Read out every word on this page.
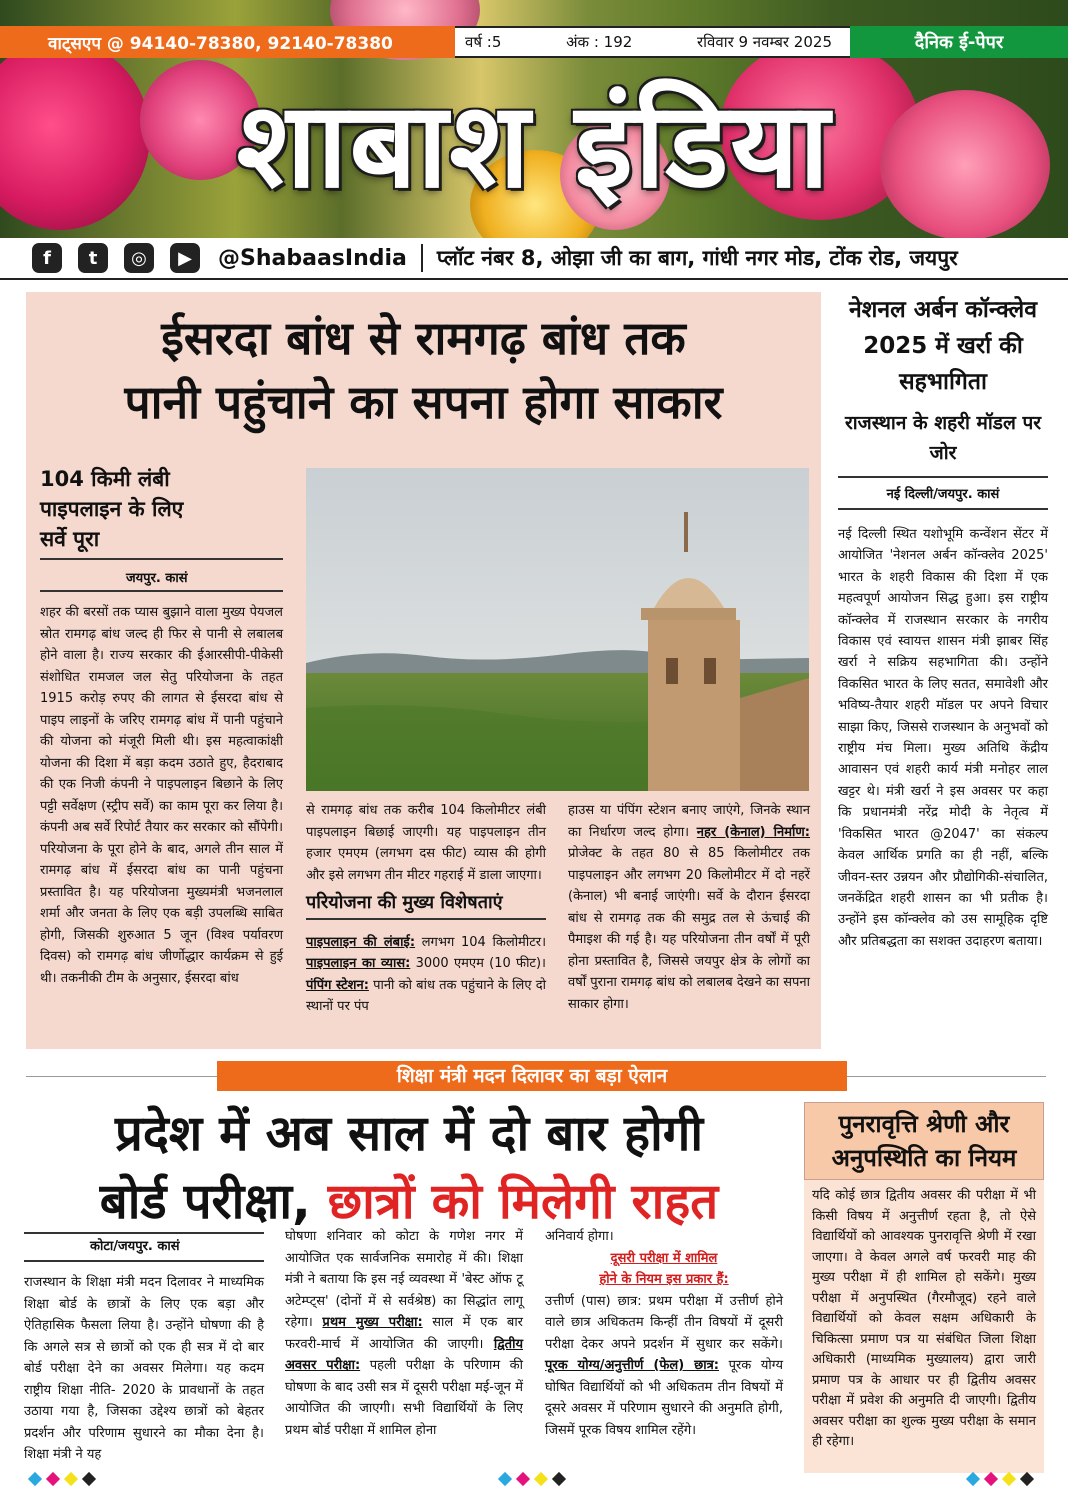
वाट्सएप @ 94140-78380, 92140-78380	वर्ष :5	अंक : 192	रविवार 9 नवम्बर 2025	दैनिक ई-पेपर
शाबाश इंडिया
f	t	◎	▶	@ShabaasIndia प्लॉट नंबर 8, ओझा जी का बाग, गांधी नगर मोड, टोंक रोड, जयपुर
ईसरदा बांध से रामगढ़ बांध तक
पानी पहुंचाने का सपना होगा साकार
104 किमी लंबी पाइपलाइन के लिए सर्वे पूरा
जयपुर. कासं
शहर की बरसों तक प्यास बुझाने वाला मुख्य पेयजल स्रोत रामगढ़ बांध जल्द ही फिर से पानी से लबालब होने वाला है। राज्य सरकार की ईआरसीपी-पीकेसी संशोधित रामजल जल सेतु परियोजना के तहत 1915 करोड़ रुपए की लागत से ईसरदा बांध से पाइप लाइनों के जरिए रामगढ़ बांध में पानी पहुंचाने की योजना को मंजूरी मिली थी। इस महत्वाकांक्षी योजना की दिशा में बड़ा कदम उठाते हुए, हैदराबाद की एक निजी कंपनी ने पाइपलाइन बिछाने के लिए पट्टी सर्वेक्षण (स्ट्रीप सर्वे) का काम पूरा कर लिया है। कंपनी अब सर्वे रिपोर्ट तैयार कर सरकार को सौंपेगी। परियोजना के पूरा होने के बाद, अगले तीन साल में रामगढ़ बांध में ईसरदा बांध का पानी पहुंचना प्रस्तावित है। यह परियोजना मुख्यमंत्री भजनलाल शर्मा और जनता के लिए एक बड़ी उपलब्धि साबित होगी, जिसकी शुरुआत 5 जून (विश्व पर्यावरण दिवस) को रामगढ़ बांध जीर्णोद्धार कार्यक्रम से हुई थी। तकनीकी टीम के अनुसार, ईसरदा बांध
से रामगढ़ बांध तक करीब 104 किलोमीटर लंबी पाइपलाइन बिछाई जाएगी। यह पाइपलाइन तीन हजार एमएम (लगभग दस फीट) व्यास की होगी और इसे लगभग तीन मीटर गहराई में डाला जाएगा।
परियोजना की मुख्य विशेषताएं
पाइपलाइन की लंबाई: लगभग 104 किलोमीटर। पाइपलाइन का व्यास: 3000 एमएम (10 फीट)। पंपिंग स्टेशन: पानी को बांध तक पहुंचाने के लिए दो स्थानों पर पंप
हाउस या पंपिंग स्टेशन बनाए जाएंगे, जिनके स्थान का निर्धारण जल्द होगा। नहर (केनाल) निर्माण: प्रोजेक्ट के तहत 80 से 85 किलोमीटर तक पाइपलाइन और लगभग 20 किलोमीटर में दो नहरें (केनाल) भी बनाई जाएंगी। सर्वे के दौरान ईसरदा बांध से रामगढ़ तक की समुद्र तल से ऊंचाई की पैमाइश की गई है। यह परियोजना तीन वर्षों में पूरी होना प्रस्तावित है, जिससे जयपुर क्षेत्र के लोगों का वर्षों पुराना रामगढ़ बांध को लबालब देखने का सपना साकार होगा।
नेशनल अर्बन कॉन्क्लेव 2025 में खर्रा की सहभागिता
राजस्थान के शहरी मॉडल पर जोर
नई दिल्ली/जयपुर. कासं
नई दिल्ली स्थित यशोभूमि कन्वेंशन सेंटर में आयोजित 'नेशनल अर्बन कॉन्क्लेव 2025' भारत के शहरी विकास की दिशा में एक महत्वपूर्ण आयोजन सिद्ध हुआ। इस राष्ट्रीय कॉन्क्लेव में राजस्थान सरकार के नगरीय विकास एवं स्वायत्त शासन मंत्री झाबर सिंह खर्रा ने सक्रिय सहभागिता की। उन्होंने विकसित भारत के लिए सतत, समावेशी और भविष्य-तैयार शहरी मॉडल पर अपने विचार साझा किए, जिससे राजस्थान के अनुभवों को राष्ट्रीय मंच मिला। मुख्य अतिथि केंद्रीय आवासन एवं शहरी कार्य मंत्री मनोहर लाल खट्टर थे। मंत्री खर्रा ने इस अवसर पर कहा कि प्रधानमंत्री नरेंद्र मोदी के नेतृत्व में 'विकसित भारत @2047' का संकल्प केवल आर्थिक प्रगति का ही नहीं, बल्कि जीवन-स्तर उन्नयन और प्रौद्योगिकी-संचालित, जनकेंद्रित शहरी शासन का भी प्रतीक है। उन्होंने इस कॉन्क्लेव को उस सामूहिक दृष्टि और प्रतिबद्धता का सशक्त उदाहरण बताया।
शिक्षा मंत्री मदन दिलावर का बड़ा ऐलान
प्रदेश में अब साल में दो बार होगी
बोर्ड परीक्षा, छात्रों को मिलेगी राहत
कोटा/जयपुर. कासं
राजस्थान के शिक्षा मंत्री मदन दिलावर ने माध्यमिक शिक्षा बोर्ड के छात्रों के लिए एक बड़ा और ऐतिहासिक फैसला लिया है। उन्होंने घोषणा की है कि अगले सत्र से छात्रों को एक ही सत्र में दो बार बोर्ड परीक्षा देने का अवसर मिलेगा। यह कदम राष्ट्रीय शिक्षा नीति- 2020 के प्रावधानों के तहत उठाया गया है, जिसका उद्देश्य छात्रों को बेहतर प्रदर्शन और परिणाम सुधारने का मौका देना है। शिक्षा मंत्री ने यह
घोषणा शनिवार को कोटा के गणेश नगर में आयोजित एक सार्वजनिक समारोह में की। शिक्षा मंत्री ने बताया कि इस नई व्यवस्था में 'बेस्ट ऑफ टू अटेम्प्ट्स' (दोनों में से सर्वश्रेष्ठ) का सिद्धांत लागू रहेगा। प्रथम मुख्य परीक्षा: साल में एक बार फरवरी-मार्च में आयोजित की जाएगी। द्वितीय अवसर परीक्षा: पहली परीक्षा के परिणाम की घोषणा के बाद उसी सत्र में दूसरी परीक्षा मई-जून में आयोजित की जाएगी। सभी विद्यार्थियों के लिए प्रथम बोर्ड परीक्षा में शामिल होना
अनिवार्य होगा।
दूसरी परीक्षा में शामिल
होने के नियम इस प्रकार हैं:
उत्तीर्ण (पास) छात्र: प्रथम परीक्षा में उत्तीर्ण होने वाले छात्र अधिकतम किन्हीं तीन विषयों में दूसरी परीक्षा देकर अपने प्रदर्शन में सुधार कर सकेंगे। पूरक योग्य/अनुत्तीर्ण (फेल) छात्र: पूरक योग्य घोषित विद्यार्थियों को भी अधिकतम तीन विषयों में दूसरे अवसर में परिणाम सुधारने की अनुमति होगी, जिसमें पूरक विषय शामिल रहेंगे।
पुनरावृत्ति श्रेणी और अनुपस्थिति का नियम
यदि कोई छात्र द्वितीय अवसर की परीक्षा में भी किसी विषय में अनुत्तीर्ण रहता है, तो ऐसे विद्यार्थियों को आवश्यक पुनरावृत्ति श्रेणी में रखा जाएगा। वे केवल अगले वर्ष फरवरी माह की मुख्य परीक्षा में ही शामिल हो सकेंगे। मुख्य परीक्षा में अनुपस्थित (गैरमौजूद) रहने वाले विद्यार्थियों को केवल सक्षम अधिकारी के चिकित्सा प्रमाण पत्र या संबंधित जिला शिक्षा अधिकारी (माध्यमिक मुख्यालय) द्वारा जारी प्रमाण पत्र के आधार पर ही द्वितीय अवसर परीक्षा में प्रवेश की अनुमति दी जाएगी। द्वितीय अवसर परीक्षा का शुल्क मुख्य परीक्षा के समान ही रहेगा।
